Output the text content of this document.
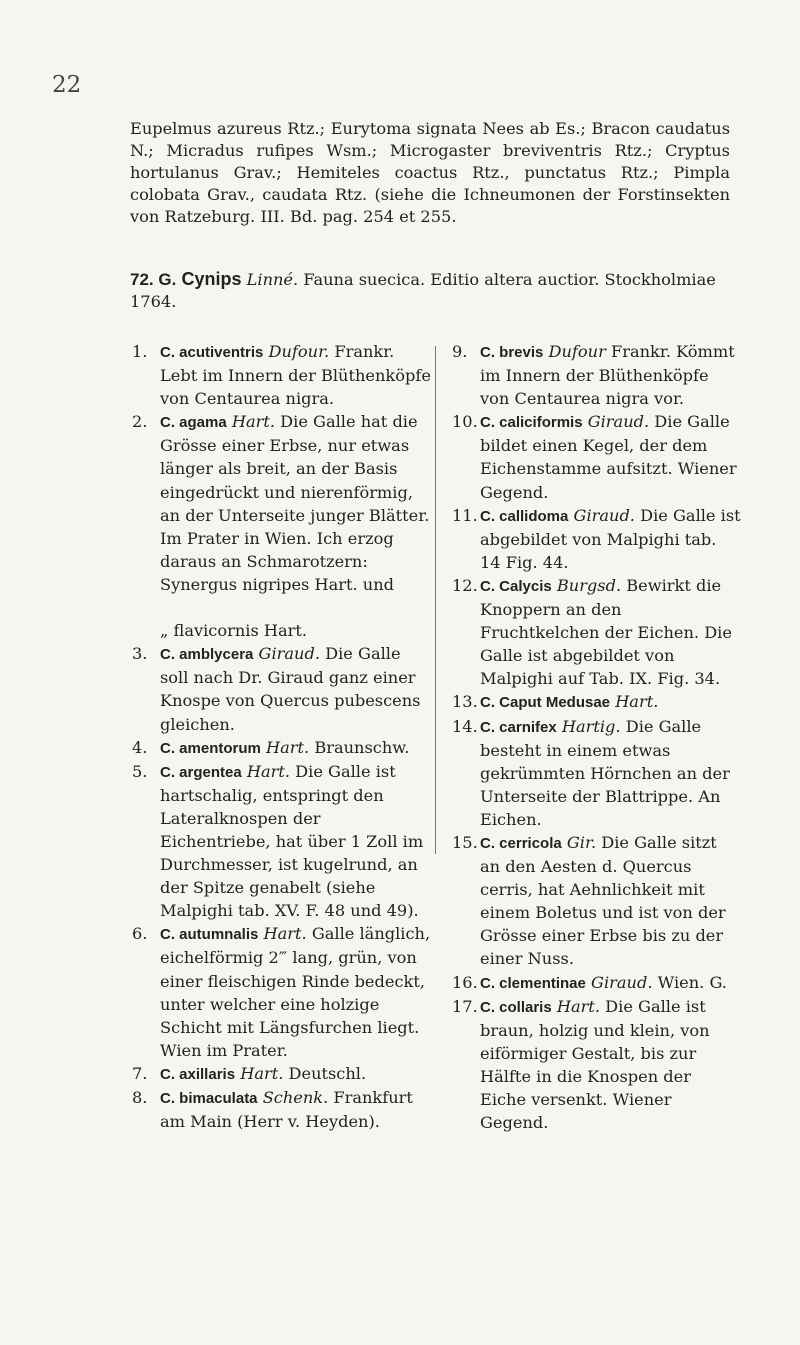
22
Eupelmus azureus Rtz.; Eurytoma signata Nees ab Es.; Bracon caudatus N.; Micradus rufipes Wsm.; Microgaster breviventris Rtz.; Cryptus hortulanus Grav.; Hemiteles coactus Rtz., punctatus Rtz.; Pimpla colobata Grav., caudata Rtz. (siehe die Ichneumonen der Forstinsekten von Ratzeburg. III. Bd. pag. 254 et 255.
72. G. Cynips Linné. Fauna suecica. Editio altera auctior. Stockholmiae 1764.

1. C. acutiventris Dufour. Frankr. Lebt im Innern der Blüthenköpfe von Centaurea nigra.

2. C. agama Hart. Die Galle hat die Grösse einer Erbse, nur etwas länger als breit, an der Basis eingedrückt und nierenförmig, an der Unterseite junger Blätter. Im Prater in Wien. Ich erzog daraus an Schmarotzern: Synergus nigripes Hart. und

„ flavicornis Hart.

3. C. amblycera Giraud. Die Galle soll nach Dr. Giraud ganz einer Knospe von Quercus pubescens gleichen.

4. C. amentorum Hart. Braunschw.

5. C. argentea Hart. Die Galle ist hartschalig, entspringt den Lateralknospen der Eichentriebe, hat über 1 Zoll im Durchmesser, ist kugelrund, an der Spitze genabelt (siehe Malpighi tab. XV. F. 48 und 49).

6. C. autumnalis Hart. Galle länglich, eichelförmig 2‴ lang, grün, von einer fleischigen Rinde bedeckt, unter welcher eine holzige Schicht mit Längsfurchen liegt. Wien im Prater.

7. C. axillaris Hart. Deutschl.

8. C. bimaculata Schenk. Frankfurt am Main (Herr v. Heyden).

9. C. brevis Dufour Frankr. Kömmt im Innern der Blüthenköpfe von Centaurea nigra vor.

10. C. caliciformis Giraud. Die Galle bildet einen Kegel, der dem Eichenstamme aufsitzt. Wiener Gegend.

11. C. callidoma Giraud. Die Galle ist abgebildet von Malpighi tab. 14 Fig. 44.

12. C. Calycis Burgsd. Bewirkt die Knoppern an den Fruchtkelchen der Eichen. Die Galle ist abgebildet von Malpighi auf Tab. IX. Fig. 34.

13. C. Caput Medusae Hart.

14. C. carnifex Hartig. Die Galle besteht in einem etwas gekrümmten Hörnchen an der Unterseite der Blattrippe. An Eichen.

15. C. cerricola Gir. Die Galle sitzt an den Aesten d. Quercus cerris, hat Aehnlichkeit mit einem Boletus und ist von der Grösse einer Erbse bis zu der einer Nuss.

16. C. clementinae Giraud. Wien. G.

17. C. collaris Hart. Die Galle ist braun, holzig und klein, von eiförmiger Gestalt, bis zur Hälfte in die Knospen der Eiche versenkt. Wiener Gegend.
